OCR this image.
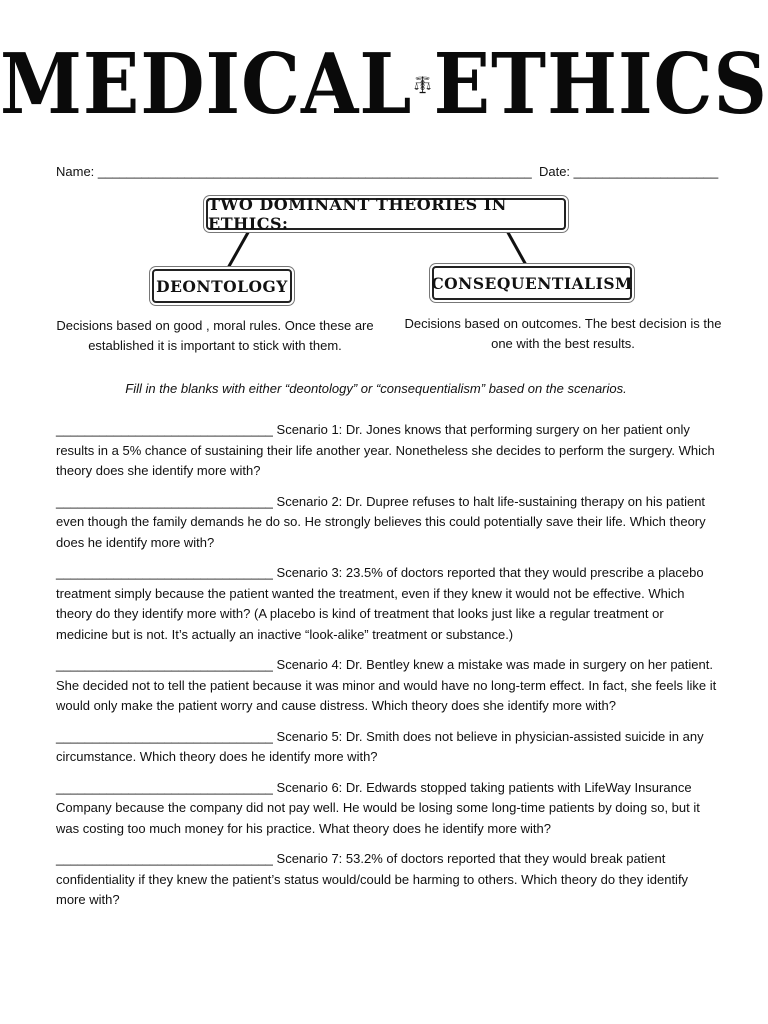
MEDICAL ETHICS
Name: ____________________________________________________________ Date: ____________________
TWO DOMINANT THEORIES IN ETHICS:
DEONTOLOGY	CONSEQUENTIALISM
Decisions based on good , moral rules. Once these are established it is important to stick with them.
Decisions based on outcomes. The best decision is the one with the best results.
Fill in the blanks with either “deontology” or “consequentialism” based on the scenarios.
______________________________ Scenario 1: Dr. Jones knows that performing surgery on her patient only results in a 5% chance of sustaining their life another year. Nonetheless she decides to perform the surgery. Which theory does she identify more with?
______________________________ Scenario 2: Dr. Dupree refuses to halt life-sustaining therapy on his patient even though the family demands he do so. He strongly believes this could potentially save their life. Which theory does he identify more with?
______________________________ Scenario 3: 23.5% of doctors reported that they would prescribe a placebo treatment simply because the patient wanted the treatment, even if they knew it would not be effective. Which theory do they identify more with? (A placebo is kind of treatment that looks just like a regular treatment or medicine but is not. It’s actually an inactive “look-alike” treatment or substance.)
______________________________ Scenario 4: Dr. Bentley knew a mistake was made in surgery on her patient. She decided not to tell the patient because it was minor and would have no long-term effect. In fact, she feels like it would only make the patient worry and cause distress. Which theory does she identify more with?
______________________________ Scenario 5: Dr. Smith does not believe in physician-assisted suicide in any circumstance. Which theory does he identify more with?
______________________________ Scenario 6: Dr. Edwards stopped taking patients with LifeWay Insurance Company because the company did not pay well. He would be losing some long-time patients by doing so, but it was costing too much money for his practice. What theory does he identify more with?
______________________________ Scenario 7: 53.2% of doctors reported that they would break patient confidentiality if they knew the patient’s status would/could be harming to others. Which theory do they identify more with?
